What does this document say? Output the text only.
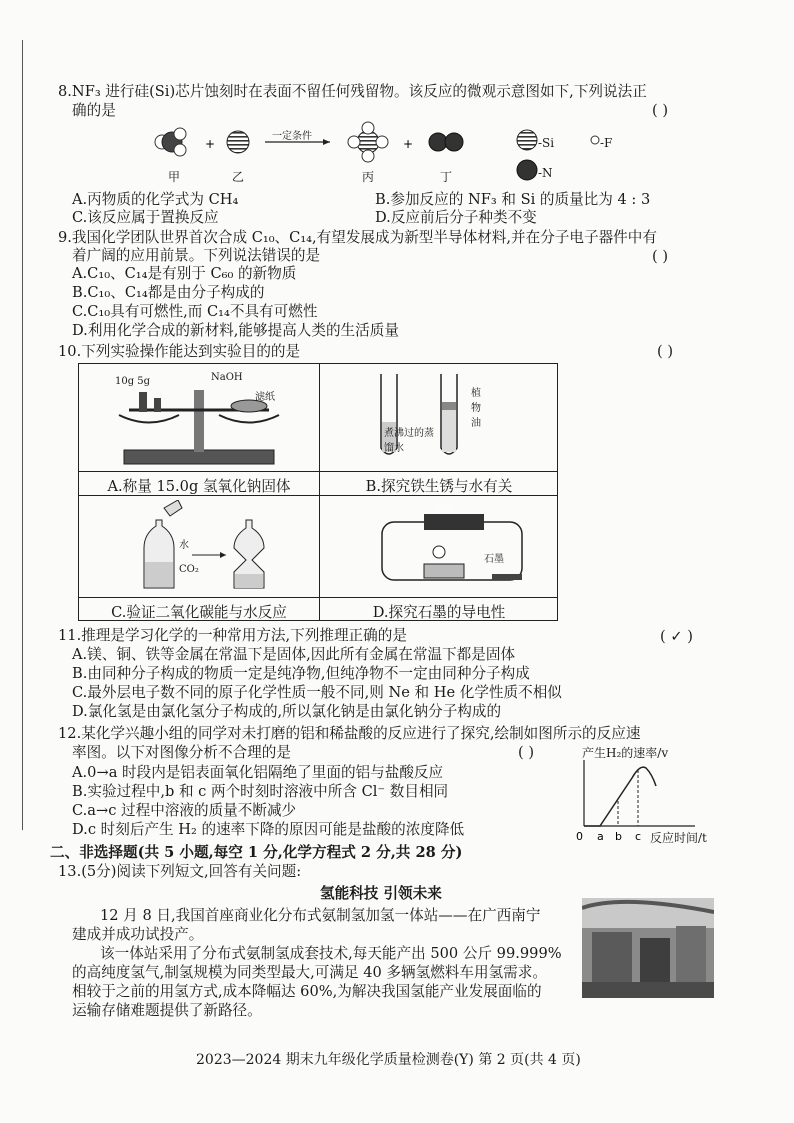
8.NF₃ 进行硅(Si)芯片蚀刻时在表面不留任何残留物。该反应的微观示意图如下,下列说法正
确的是	( )
+	+
一定条件	-Si	-F
-N
甲	乙	丙	丁
A.丙物质的化学式为 CH₄	B.参加反应的 NF₃ 和 Si 的质量比为 4 : 3
C.该反应属于置换反应	D.反应前后分子种类不变
9.我国化学团队世界首次合成 C₁₀、C₁₄,有望发展成为新型半导体材料,并在分子电子器件中有
着广阔的应用前景。下列说法错误的是	( )
A.C₁₀、C₁₄是有别于 C₆₀ 的新物质
B.C₁₀、C₁₄都是由分子构成的
C.C₁₀具有可燃性,而 C₁₄不具有可燃性
D.利用化学合成的新材料,能够提高人类的生活质量
10.下列实验操作能达到实验目的的是	( )
10g 5g	NaOH
滤纸
A.称量 15.0g 氢氧化钠固体
植物油
煮沸过的蒸馏水
B.探究铁生锈与水有关
水
CO₂
C.验证二氧化碳能与水反应
电池
石墨
D.探究石墨的导电性
11.推理是学习化学的一种常用方法,下列推理正确的是	( ✓ )
A.镁、铜、铁等金属在常温下是固体,因此所有金属在常温下都是固体
B.由同种分子构成的物质一定是纯净物,但纯净物不一定由同种分子构成
C.最外层电子数不同的原子化学性质一般不同,则 Ne 和 He 化学性质不相似
D.氯化氢是由氯化氢分子构成的,所以氯化钠是由氯化钠分子构成的
12.某化学兴趣小组的同学对未打磨的铝和稀盐酸的反应进行了探究,绘制如图所示的反应速
率图。以下对图像分析不合理的是	( )
A.0→a 时段内是铝表面氧化铝隔绝了里面的铝与盐酸反应
B.实验过程中,b 和 c 两个时刻时溶液中所含 Cl⁻ 数目相同
C.a→c 过程中溶液的质量不断减少
D.c 时刻后产生 H₂ 的速率下降的原因可能是盐酸的浓度降低
产生H₂的速率/v
0 a b c 反应时间/t
二、非选择题(共 5 小题,每空 1 分,化学方程式 2 分,共 28 分)
13.(5分)阅读下列短文,回答有关问题:
氢能科技 引领未来
12 月 8 日,我国首座商业化分布式氨制氢加氢一体站——在广西南宁
建成并成功试投产。
该一体站采用了分布式氨制氢成套技术,每天能产出 500 公斤 99.999%
的高纯度氢气,制氢规模为同类型最大,可满足 40 多辆氢燃料车用氢需求。
相较于之前的用氢方式,成本降幅达 60%,为解决我国氢能产业发展面临的
运输存储难题提供了新路径。
2023—2024 期末九年级化学质量检测卷(Y) 第 2 页(共 4 页)
